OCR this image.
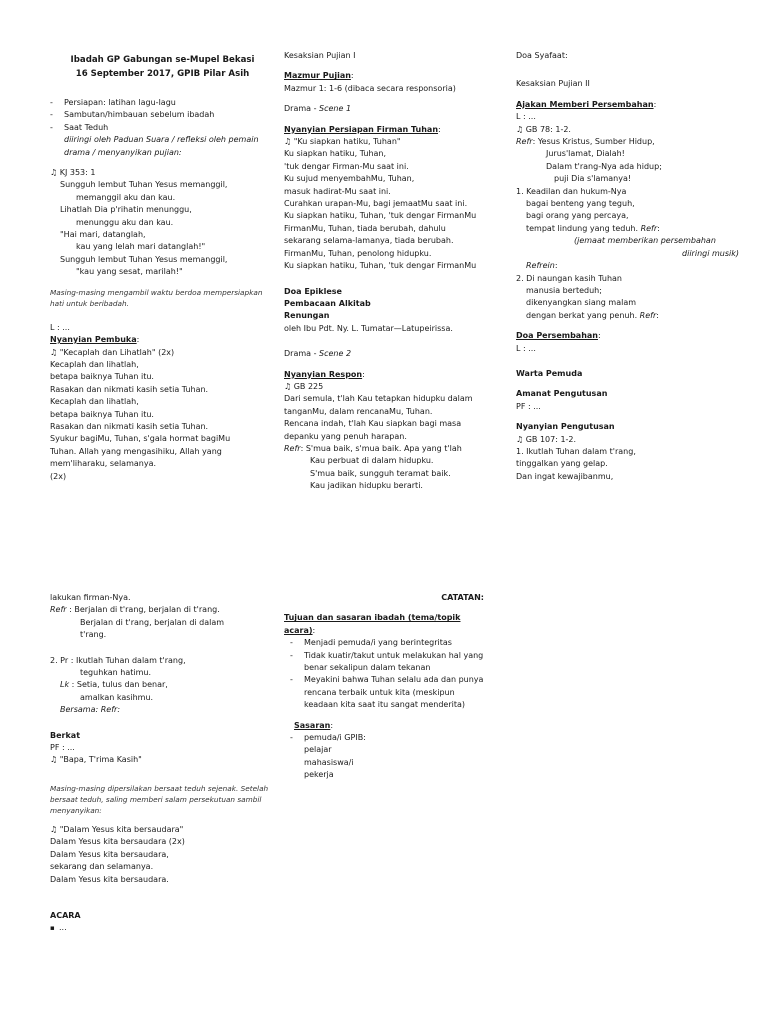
Ibadah GP Gabungan se-Mupel Bekasi
16 September 2017, GPIB Pilar Asih
- Persiapan: latihan lagu-lagu
- Sambutan/himbauan sebelum ibadah
- Saat Teduh
diiringi oleh Paduan Suara / refleksi oleh pemain drama / menyanyikan pujian:
♫ KJ 353: 1
Sungguh lembut Tuhan Yesus memanggil,
memanggil aku dan kau.
Lihatlah Dia p'rihatin menunggu,
menunggu aku dan kau.
"Hai mari, datanglah,
kau yang lelah mari datanglah!"
Sungguh lembut Tuhan Yesus memanggil,
"kau yang sesat, marilah!"
Masing-masing mengambil waktu berdoa mempersiapkan hati untuk beribadah.
L : ...
Nyanyian Pembuka:
♫ "Kecaplah dan Lihatlah" (2x)
Kecaplah dan lihatlah,
betapa baiknya Tuhan itu.
Rasakan dan nikmati kasih setia Tuhan.
Kecaplah dan lihatlah,
betapa baiknya Tuhan itu.
Rasakan dan nikmati kasih setia Tuhan.
Syukur bagiMu, Tuhan, s'gala hormat bagiMu
Tuhan. Allah yang mengasihiku, Allah yang
mem'liharaku, selamanya.
(2x)
Kesaksian Pujian I
Mazmur Pujian:
Mazmur 1: 1-6 (dibaca secara responsoria)
Drama - Scene 1
Nyanyian Persiapan Firman Tuhan:
♫ "Ku siapkan hatiku, Tuhan"
Ku siapkan hatiku, Tuhan,
'tuk dengar Firman-Mu saat ini.
Ku sujud menyembahMu, Tuhan,
masuk hadirat-Mu saat ini.
Curahkan urapan-Mu, bagi jemaatMu saat ini.
Ku siapkan hatiku, Tuhan, 'tuk dengar FirmanMu
FirmanMu, Tuhan, tiada berubah, dahulu
sekarang selama-lamanya, tiada berubah.
FirmanMu, Tuhan, penolong hidupku.
Ku siapkan hatiku, Tuhan, 'tuk dengar FirmanMu
Doa Epiklese
Pembacaan Alkitab
Renungan
oleh Ibu Pdt. Ny. L. Tumatar—Latupeirissa.
Drama - Scene 2
Nyanyian Respon:
♫ GB 225
Dari semula, t'lah Kau tetapkan hidupku dalam
tanganMu, dalam rencanaMu, Tuhan.
Rencana indah, t'lah Kau siapkan bagi masa
depanku yang penuh harapan.
Refr: S'mua baik, s'mua baik. Apa yang t'lah
Kau perbuat di dalam hidupku.
S'mua baik, sungguh teramat baik.
Kau jadikan hidupku berarti.
Doa Syafaat:
Kesaksian Pujian II
Ajakan Memberi Persembahan:
L : ...
♫ GB 78: 1-2.
Refr: Yesus Kristus, Sumber Hidup,
Jurus'lamat, Dialah!
Dalam t'rang-Nya ada hidup;
puji Dia s'lamanya!
1. Keadilan dan hukum-Nya
bagai benteng yang teguh,
bagi orang yang percaya,
tempat lindung yang teduh. Refr:
(jemaat memberikan persembahan
diiringi musik)
Refrein:
2. Di naungan kasih Tuhan
manusia berteduh;
dikenyangkan siang malam
dengan berkat yang penuh. Refr:
Doa Persembahan:
L : ...
Warta Pemuda
Amanat Pengutusan
PF : ...
Nyanyian Pengutusan
♫ GB 107: 1-2.
1. Ikutlah Tuhan dalam t'rang,
tinggalkan yang gelap.
Dan ingat kewajibanmu,
lakukan firman-Nya.
Refr : Berjalan di t'rang, berjalan di t'rang.
Berjalan di t'rang, berjalan di dalam
t'rang.
2. Pr : Ikutlah Tuhan dalam t'rang,
teguhkan hatimu.
Lk : Setia, tulus dan benar,
amalkan kasihmu.
Bersama: Refr:
Berkat
PF : ...
♫ "Bapa, T'rima Kasih"
Masing-masing dipersilakan bersaat teduh sejenak. Setelah bersaat teduh, saling memberi salam persekutuan sambil menyanyikan:
♫ "Dalam Yesus kita bersaudara"
Dalam Yesus kita bersaudara (2x)
Dalam Yesus kita bersaudara,
sekarang dan selamanya.
Dalam Yesus kita bersaudara.
ACARA
▪ ...
CATATAN:
Tujuan dan sasaran ibadah (tema/topik acara):
- Menjadi pemuda/i yang berintegritas
- Tidak kuatir/takut untuk melakukan hal yang benar sekalipun dalam tekanan
- Meyakini bahwa Tuhan selalu ada dan punya rencana terbaik untuk kita (meskipun keadaan kita saat itu sangat menderita)
Sasaran:
- pemuda/i GPIB:
pelajar
mahasiswa/i
pekerja
